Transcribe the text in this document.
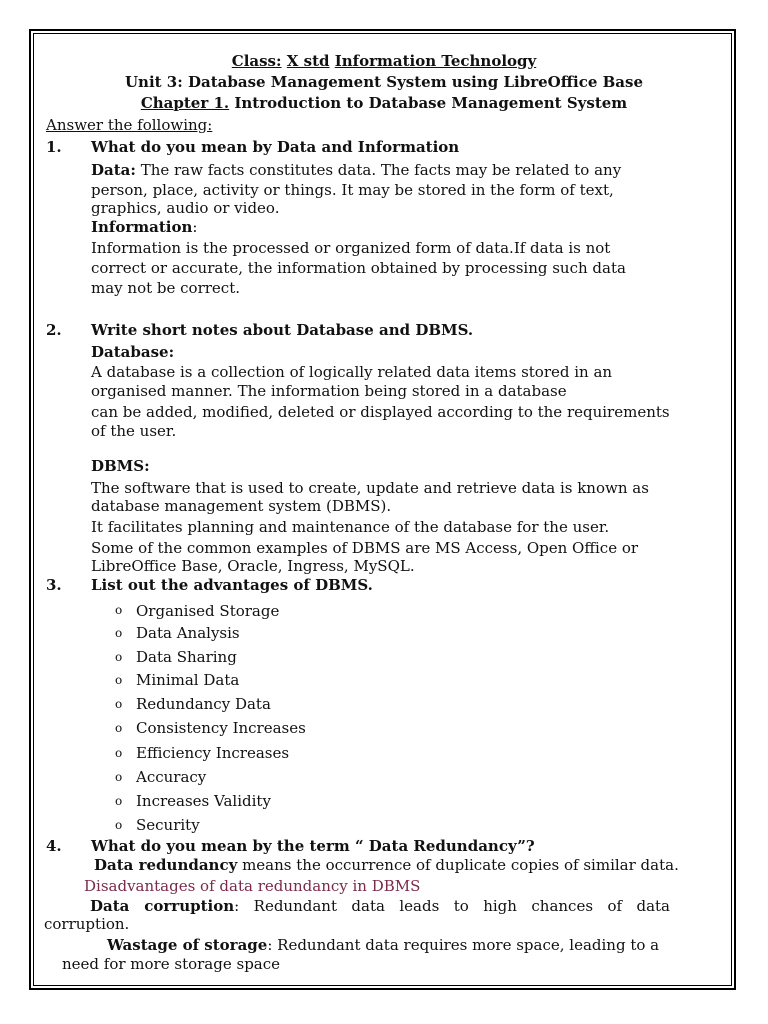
Class: X std Information Technology
Unit 3: Database Management System using LibreOffice Base
Chapter 1. Introduction to Database Management System
Answer the following:
1. What do you mean by Data and Information
Data: The raw facts constitutes data. The facts may be related to any
person, place, activity or things. It may be stored in the form of text,
graphics, audio or video.
Information:
Information is the processed or organized form of data.If data is not
correct or accurate, the information obtained by processing such data
may not be correct.
2. Write short notes about Database and DBMS.
Database:
A database is a collection of logically related data items stored in an
organised manner. The information being stored in a database
can be added, modified, deleted or displayed according to the requirements
of the user.
DBMS:
The software that is used to create, update and retrieve data is known as
database management system (DBMS).
It facilitates planning and maintenance of the database for the user.
Some of the common examples of DBMS are MS Access, Open Office or
LibreOffice Base, Oracle, Ingress, MySQL.
3. List out the advantages of DBMS.
o Organised Storage
o Data Analysis
o Data Sharing
o Minimal Data
o Redundancy Data
o Consistency Increases
o Efficiency Increases
o Accuracy
o Increases Validity
o Security
4. What do you mean by the term “ Data Redundancy”?
Data redundancy means the occurrence of duplicate copies of similar data.
Disadvantages of data redundancy in DBMS
Data corruption: Redundant data leads to high chances of data
corruption.
Wastage of storage: Redundant data requires more space, leading to a
need for more storage space
